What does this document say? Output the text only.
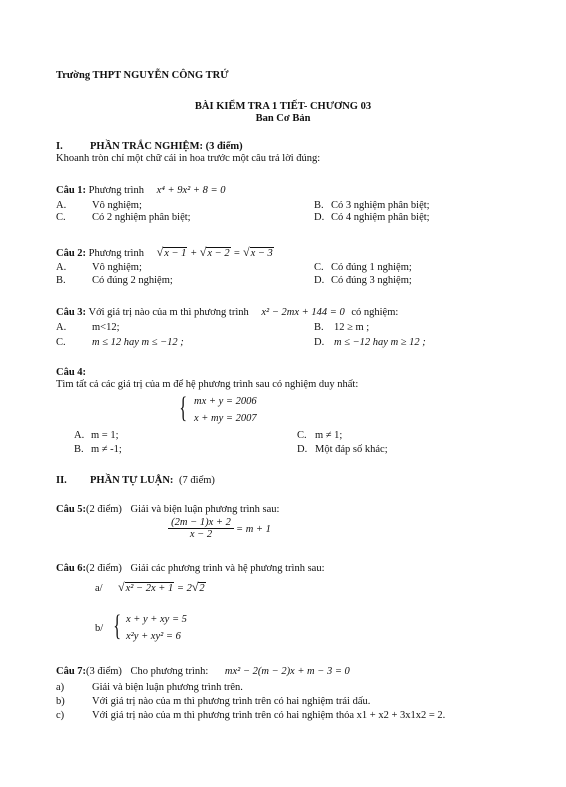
Trường THPT NGUYỄN CÔNG TRỨ
BÀI KIỂM TRA 1 TIẾT- CHƯƠNG 03
Ban Cơ Bản
I.	PHẦN TRẮC NGHIỆM: (3 điểm)
Khoanh tròn chỉ một chữ cái in hoa trước một câu trả lời đúng:
Câu 1: Phương trình x⁴ + 9x² + 8 = 0
A. Vô nghiệm;	B. Có 3 nghiệm phân biệt;
C.	Có 2 nghiệm phân biệt;	D. Có 4 nghiệm phân biệt;
Câu 2: Phương trình √x − 1 + √x − 2 = √x − 3
A. Vô nghiệm;	C. Có đúng 1 nghiệm;
B.	Có đúng 2 nghiệm;	D. Có đúng 3 nghiệm;
Câu 3: Với giá trị nào của m thì phương trình x² − 2mx + 144 = 0 có nghiệm:
A. m<12;	B. 12 ≥ m ;
C.	m ≤ 12 hay m ≤ −12 ;	D. m ≤ −12 hay m ≥ 12 ;
Câu 4:
Tìm tất cả các giá trị của m để hệ phương trình sau có nghiệm duy nhất:
{ mx + y = 2006
x + my = 2007
A. m = 1;	C. m ≠ 1;
B. m ≠ -1;	D. Một đáp số khác;
II. PHẦN TỰ LUẬN: (7 điểm)
Câu 5:(2 điểm) Giải và biện luận phương trình sau:
$\frac{(2m - 1)x + 2}{x - 2} = m + 1$
Câu 6:(2 điểm) Giải các phương trình và hệ phương trình sau:
a/ √x² − 2x + 1 = 2√2
b/ { x + y + xy = 5
x²y + xy² = 6
Câu 7:(3 điểm) Cho phương trình: mx² − 2(m − 2)x + m − 3 = 0
a)	Giải và biện luận phương trình trên.
b)	Với giá trị nào của m thì phương trình trên có hai nghiệm trái dấu.
c)	Với giá trị nào của m thì phương trình trên có hai nghiệm thỏa x1 + x2 + 3x1x2 = 2.
